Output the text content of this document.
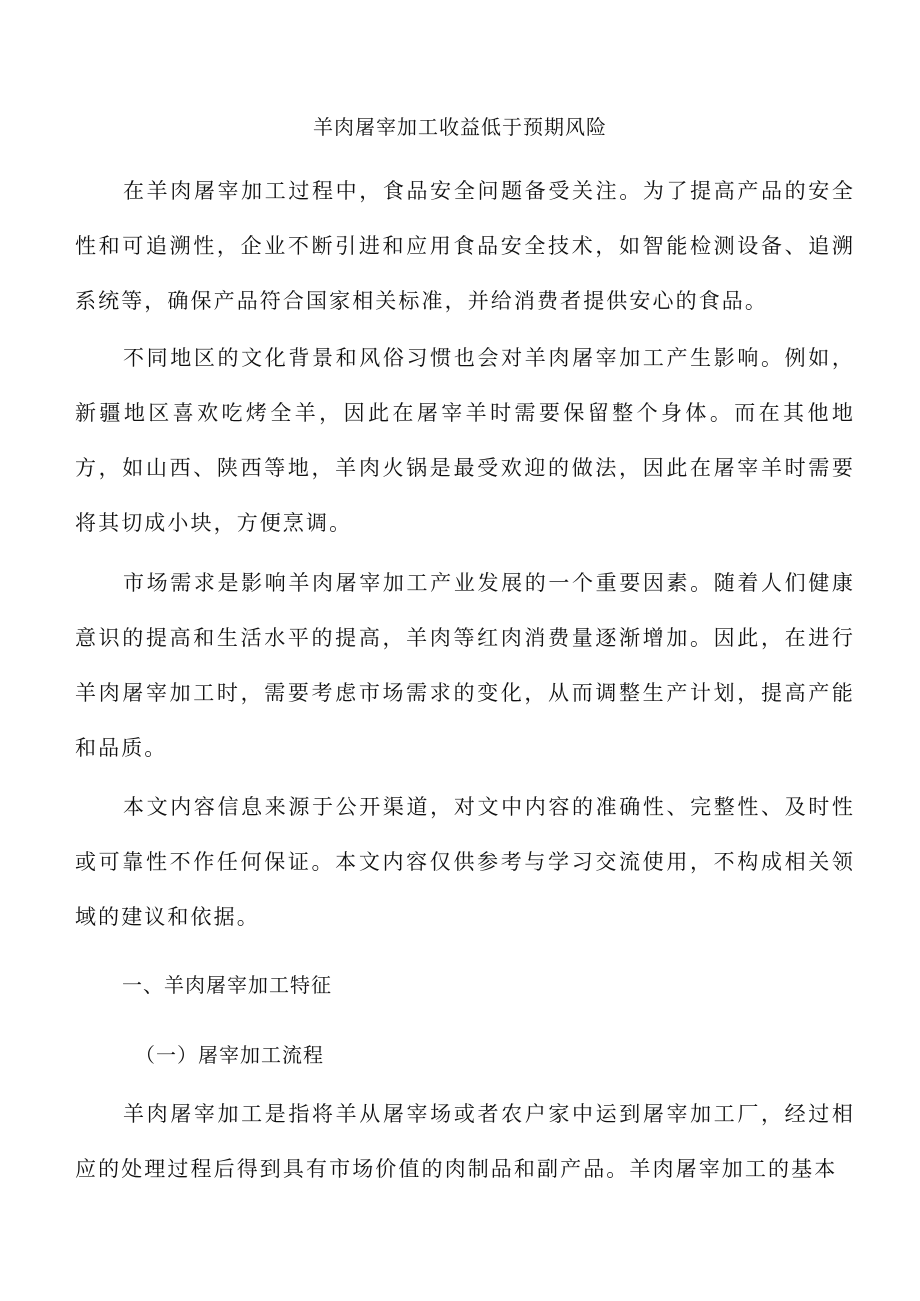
羊肉屠宰加工收益低于预期风险

在羊肉屠宰加工过程中，食品安全问题备受关注。为了提高产品的安全性和可追溯性，企业不断引进和应用食品安全技术，如智能检测设备、追溯系统等，确保产品符合国家相关标准，并给消费者提供安心的食品。

不同地区的文化背景和风俗习惯也会对羊肉屠宰加工产生影响。例如，新疆地区喜欢吃烤全羊，因此在屠宰羊时需要保留整个身体。而在其他地方，如山西、陕西等地，羊肉火锅是最受欢迎的做法，因此在屠宰羊时需要将其切成小块，方便烹调。

市场需求是影响羊肉屠宰加工产业发展的一个重要因素。随着人们健康意识的提高和生活水平的提高，羊肉等红肉消费量逐渐增加。因此，在进行羊肉屠宰加工时，需要考虑市场需求的变化，从而调整生产计划，提高产能和品质。

本文内容信息来源于公开渠道，对文中内容的准确性、完整性、及时性或可靠性不作任何保证。本文内容仅供参考与学习交流使用，不构成相关领域的建议和依据。

一、羊肉屠宰加工特征
（一）屠宰加工流程

羊肉屠宰加工是指将羊从屠宰场或者农户家中运到屠宰加工厂，经过相应的处理过程后得到具有市场价值的肉制品和副产品。羊肉屠宰加工的基本
